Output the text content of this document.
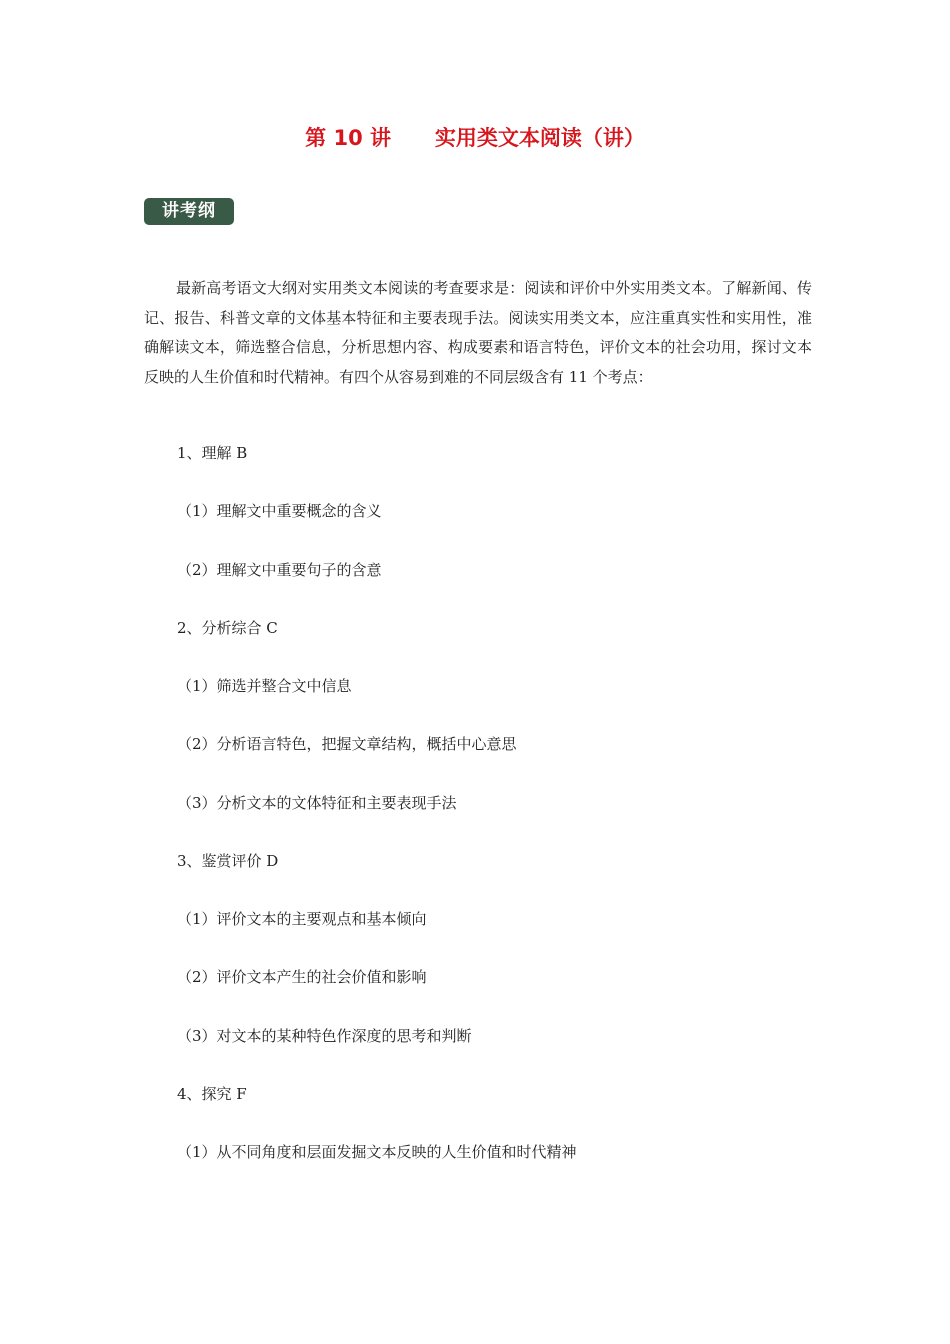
第 10 讲      实用类文本阅读（讲）
讲考纲

最新高考语文大纲对实用类文本阅读的考查要求是：阅读和评价中外实用类文本。了解新闻、传记、报告、科普文章的文体基本特征和主要表现手法。阅读实用类文本，应注重真实性和实用性，准确解读文本，筛选整合信息，分析思想内容、构成要素和语言特色，评价文本的社会功用，探讨文本反映的人生价值和时代精神。有四个从容易到难的不同层级含有 11 个考点：

1、理解 B
（1）理解文中重要概念的含义
（2）理解文中重要句子的含意
2、分析综合 C
（1）筛选并整合文中信息
（2）分析语言特色，把握文章结构，概括中心意思
（3）分析文本的文体特征和主要表现手法
3、鉴赏评价 D
（1）评价文本的主要观点和基本倾向
（2）评价文本产生的社会价值和影响
（3）对文本的某种特色作深度的思考和判断
4、探究 F
（1）从不同角度和层面发掘文本反映的人生价值和时代精神
